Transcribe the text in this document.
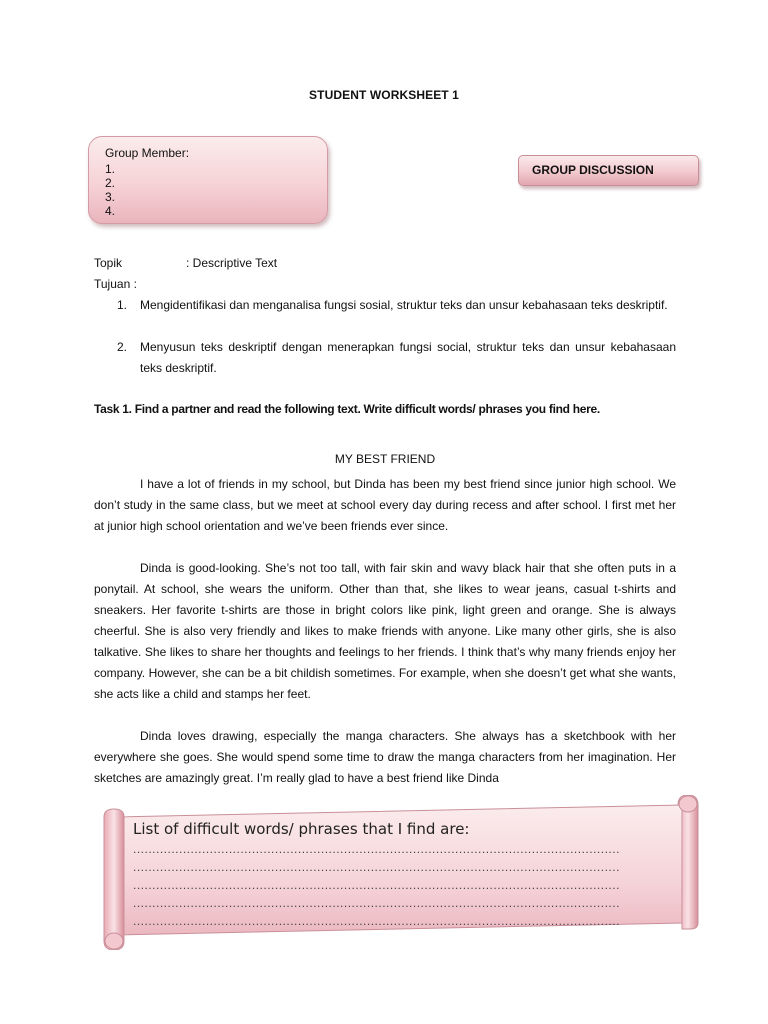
STUDENT WORKSHEET 1
Group Member:
1.
2.
3.
4.
GROUP DISCUSSION
Topik	: Descriptive Text
Tujuan :
1. Mengidentifikasi dan menganalisa fungsi sosial, struktur teks dan unsur kebahasaan teks deskriptif.
2. Menyusun teks deskriptif dengan menerapkan fungsi social, struktur teks dan unsur kebahasaan teks deskriptif.
Task 1. Find a partner and read the following text. Write difficult words/ phrases you find here.
MY BEST FRIEND
I have a lot of friends in my school, but Dinda has been my best friend since junior high school. We don’t study in the same class, but we meet at school every day during recess and after school. I first met her at junior high school orientation and we’ve been friends ever since.
Dinda is good-looking. She’s not too tall, with fair skin and wavy black hair that she often puts in a ponytail. At school, she wears the uniform. Other than that, she likes to wear jeans, casual t-shirts and sneakers. Her favorite t-shirts are those in bright colors like pink, light green and orange. She is always cheerful. She is also very friendly and likes to make friends with anyone. Like many other girls, she is also talkative. She likes to share her thoughts and feelings to her friends. I think that’s why many friends enjoy her company. However, she can be a bit childish sometimes. For example, when she doesn’t get what she wants, she acts like a child and stamps her feet.
Dinda loves drawing, especially the manga characters. She always has a sketchbook with her everywhere she goes. She would spend some time to draw the manga characters from her imagination. Her sketches are amazingly great. I’m really glad to have a best friend like Dinda
List of difficult words/ phrases that I find are:
...............................................................................................................................
...............................................................................................................................
...............................................................................................................................
...............................................................................................................................
...............................................................................................................................
